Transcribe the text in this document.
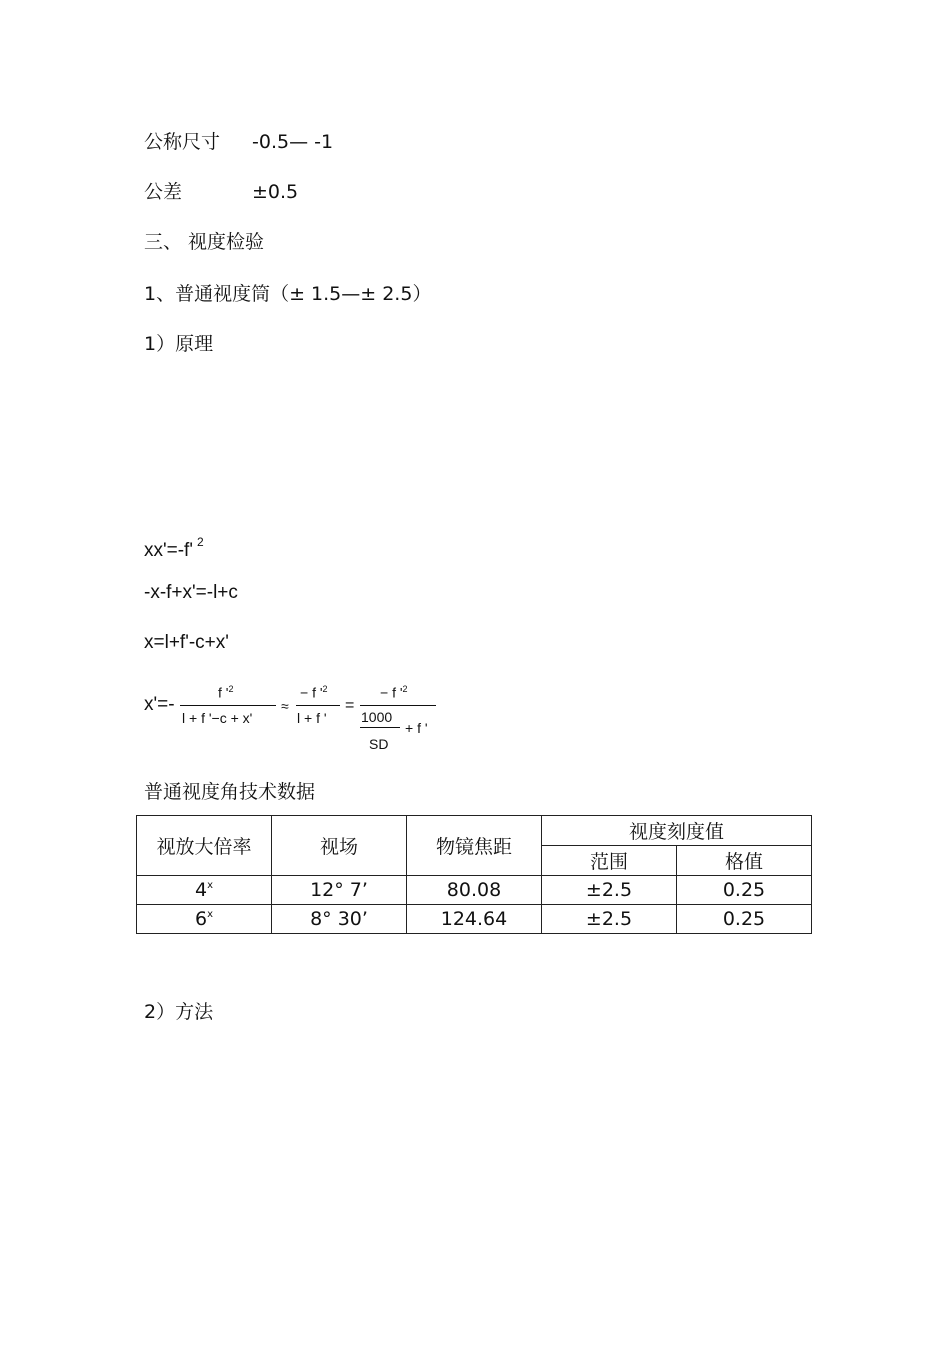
公称尺寸 -0.5— -1
公差	±0.5
三、 视度检验
1、普通视度筒（± 1.5—± 2.5）
1）原理
xx'=-f' $^2$
-x-f+x'=-l+c
x=l+f'-c+x'
x'=-
f '$^2$
l + f '−c + x'
≈
− f '$^2$
l + f '
=
− f '$^2$
1000
SD
+ f '
普通视度角技术数据
视放大倍率	视场	物镜焦距	视度刻度值	
			范围	格值
4$^x$	12° 7’	80.08	±2.5	0.25
6$^x$	8° 30’	124.64	±2.5	0.25
2）方法
